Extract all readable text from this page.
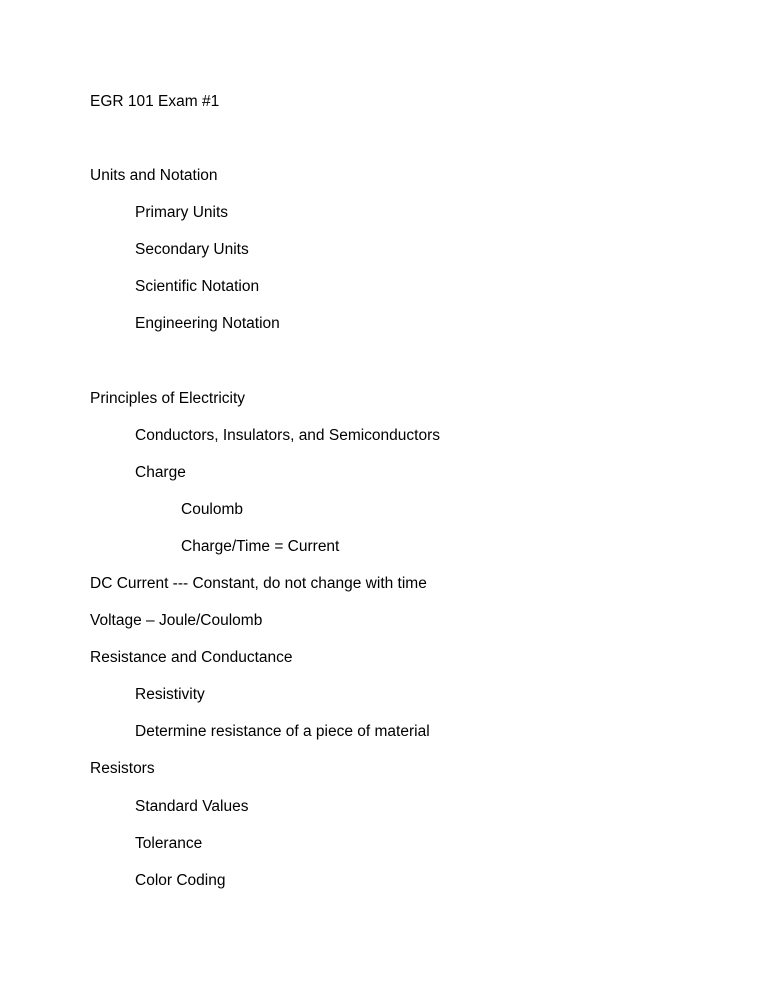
EGR 101 Exam #1
Units and Notation
Primary Units
Secondary Units
Scientific Notation
Engineering Notation
Principles of Electricity
Conductors, Insulators, and Semiconductors
Charge
Coulomb
Charge/Time = Current
DC Current --- Constant, do not change with time
Voltage – Joule/Coulomb
Resistance and Conductance
Resistivity
Determine resistance of a piece of material
Resistors
Standard Values
Tolerance
Color Coding
